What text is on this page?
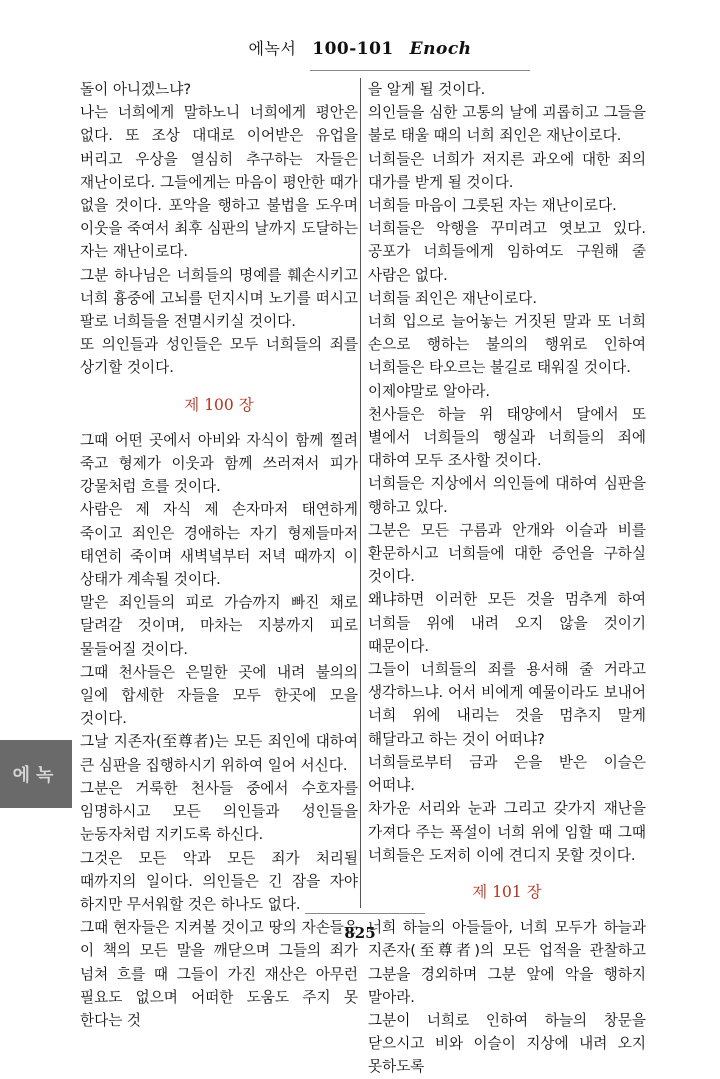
에녹서 100-101 Enoch

돌이 아니겠느냐?

나는 너희에게 말하노니 너희에게 평안은 없다. 또 조상 대대로 이어받은 유업을 버리고 우상을 열심히 추구하는 자들은 재난이로다. 그들에게는 마음이 평안한 때가 없을 것이다. 포악을 행하고 불법을 도우며 이웃을 죽여서 최후 심판의 날까지 도달하는 자는 재난이로다.

그분 하나님은 너희들의 명예를 훼손시키고 너희 흉중에 고뇌를 던지시며 노기를 떠시고 팔로 너희들을 전멸시키실 것이다.

또 의인들과 성인들은 모두 너희들의 죄를 상기할 것이다.

제 100 장

그때 어떤 곳에서 아비와 자식이 함께 찔려 죽고 형제가 이웃과 함께 쓰러져서 피가 강물처럼 흐를 것이다.

사람은 제 자식 제 손자마저 태연하게 죽이고 죄인은 경애하는 자기 형제들마저 태연히 죽이며 새벽녘부터 저녁 때까지 이 상태가 계속될 것이다.

말은 죄인들의 피로 가슴까지 빠진 채로 달려갈 것이며, 마차는 지붕까지 피로 물들어질 것이다.

그때 천사들은 은밀한 곳에 내려 불의의 일에 합세한 자들을 모두 한곳에 모을 것이다.

그날 지존자(至尊者)는 모든 죄인에 대하여 큰 심판을 집행하시기 위하여 일어 서신다.

그분은 거룩한 천사들 중에서 수호자를 임명하시고 모든 의인들과 성인들을 눈동자처럼 지키도록 하신다.

그것은 모든 악과 모든 죄가 처리될 때까지의 일이다. 의인들은 긴 잠을 자야 하지만 무서워할 것은 하나도 없다.

그때 현자들은 지켜볼 것이고 땅의 자손들은 이 책의 모든 말을 깨닫으며 그들의 죄가 넘쳐 흐를 때 그들이 가진 재산은 아무런 필요도 없으며 어떠한 도움도 주지 못 한다는 것

을 알게 될 것이다.

의인들을 심한 고통의 날에 괴롭히고 그들을 불로 태울 때의 너희 죄인은 재난이로다.

너희들은 너희가 저지른 과오에 대한 죄의 대가를 받게 될 것이다.

너희들 마음이 그릇된 자는 재난이로다.

너희들은 악행을 꾸미려고 엿보고 있다. 공포가 너희들에게 임하여도 구원해 줄 사람은 없다.

너희들 죄인은 재난이로다.

너희 입으로 늘어놓는 거짓된 말과 또 너희 손으로 행하는 불의의 행위로 인하여 너희들은 타오르는 불길로 태워질 것이다.

이제야말로 알아라.

천사들은 하늘 위 태양에서 달에서 또 별에서 너희들의 행실과 너희들의 죄에 대하여 모두 조사할 것이다.

너희들은 지상에서 의인들에 대하여 심판을 행하고 있다.

그분은 모든 구름과 안개와 이슬과 비를 환문하시고 너희들에 대한 증언을 구하실 것이다.

왜냐하면 이러한 모든 것을 멈추게 하여 너희들 위에 내려 오지 않을 것이기 때문이다.

그들이 너희들의 죄를 용서해 줄 거라고 생각하느냐. 어서 비에게 예물이라도 보내어 너희 위에 내리는 것을 멈추지 말게 해달라고 하는 것이 어떠냐?

너희들로부터 금과 은을 받은 이슬은 어떠냐.

차가운 서리와 눈과 그리고 갖가지 재난을 가져다 주는 폭설이 너희 위에 임할 때 그때 너희들은 도저히 이에 견디지 못할 것이다.

제 101 장

너희 하늘의 아들들아, 너희 모두가 하늘과 지존자(至尊者)의 모든 업적을 관찰하고 그분을 경외하며 그분 앞에 악을 행하지 말아라.

그분이 너희로 인하여 하늘의 창문을 닫으시고 비와 이슬이 지상에 내려 오지 못하도록

에녹
825
